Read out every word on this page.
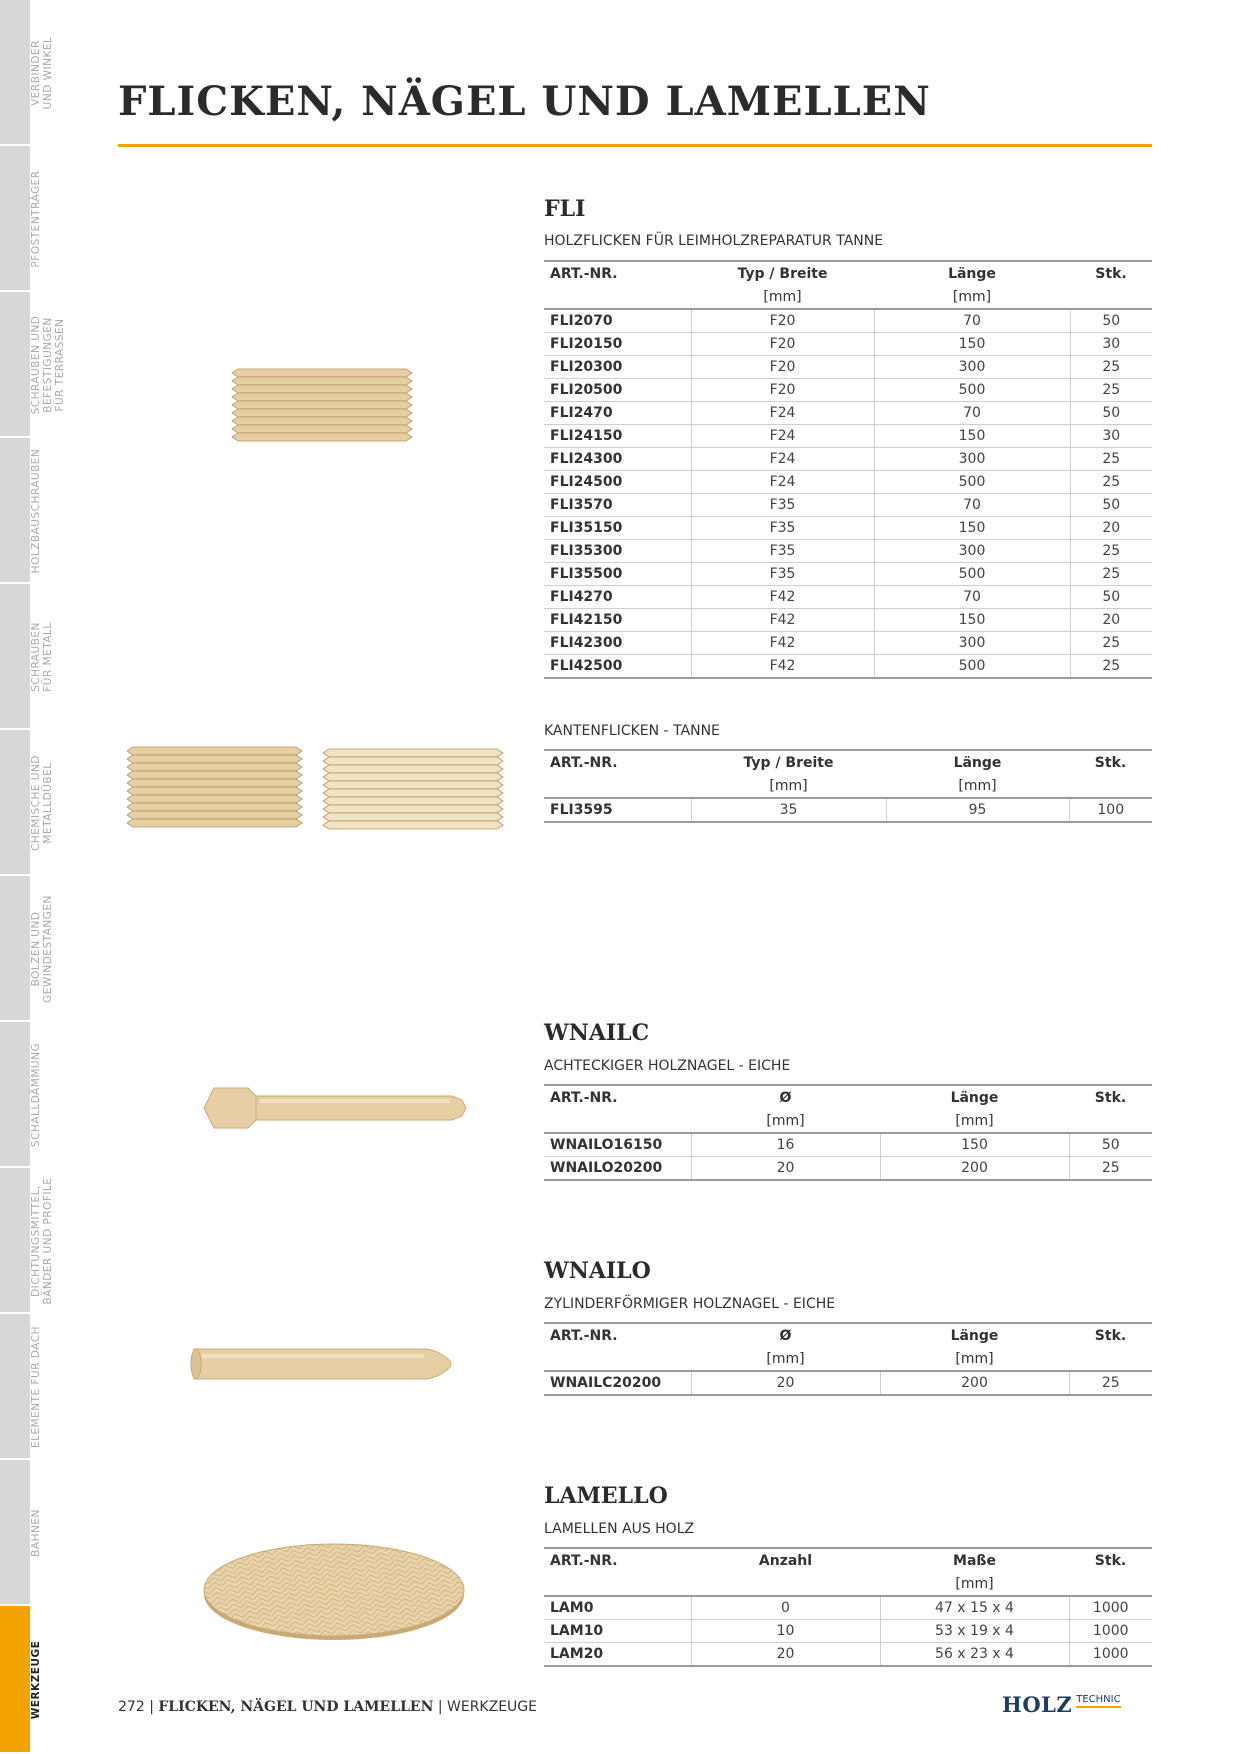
VERBINDER UND WINKEL
PFOSTENTRÄGER
SCHRAUBEN UND BEFESTIGUNGEN FÜR TERRASSEN
HOLZBAUSCHRAUBEN
SCHRAUBEN FÜR METALL
CHEMISCHE UND METALLDÜBEL
BOLZEN UND GEWINDESTANGEN
SCHALLDÄMMUNG
DICHTUNGSMITTEL, BÄNDER UND PROFILE
ELEMENTE FÜR DACH
BAHNEN
WERKZEUGE
FLICKEN, NÄGEL UND LAMELLEN
FLI

HOLZFLICKEN FÜR LEIMHOLZREPARATUR TANNE

ART.-NR.	Typ / Breite	Länge	Stk.
	[mm]	[mm]	
FLI2070	F20	70	50
FLI20150	F20	150	30
FLI20300	F20	300	25
FLI20500	F20	500	25
FLI2470	F24	70	50
FLI24150	F24	150	30
FLI24300	F24	300	25
FLI24500	F24	500	25
FLI3570	F35	70	50
FLI35150	F35	150	20
FLI35300	F35	300	25
FLI35500	F35	500	25
FLI4270	F42	70	50
FLI42150	F42	150	20
FLI42300	F42	300	25
FLI42500	F42	500	25

KANTENFLICKEN - TANNE

ART.-NR.	Typ / Breite	Länge	Stk.
	[mm]	[mm]	
FLI3595	35	95	100
WNAILC

ACHTECKIGER HOLZNAGEL - EICHE

ART.-NR.	Ø	Länge	Stk.
	[mm]	[mm]	
WNAILO16150	16	150	50
WNAILO20200	20	200	25
WNAILO

ZYLINDERFÖRMIGER HOLZNAGEL - EICHE

ART.-NR.	Ø	Länge	Stk.
	[mm]	[mm]	
WNAILC20200	20	200	25
LAMELLO

LAMELLEN AUS HOLZ

ART.-NR.	Anzahl	Maße	Stk.
		[mm]	
LAM0	0	47 x 15 x 4	1000
LAM10	10	53 x 19 x 4	1000
LAM20	20	56 x 23 x 4	1000
272 | FLICKEN, NÄGEL UND LAMELLEN | WERKZEUGE	HOLZ TECHNIC
